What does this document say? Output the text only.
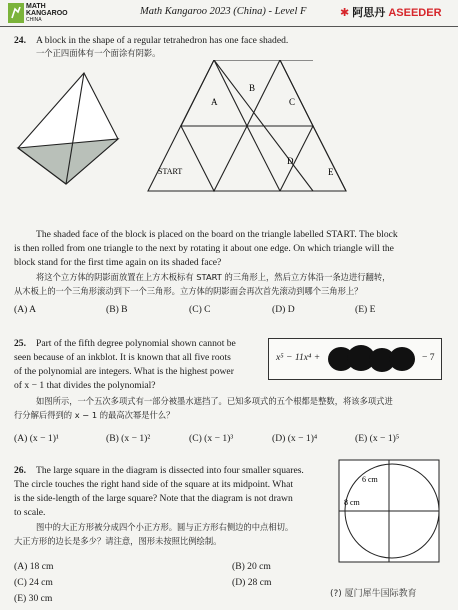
MATH
KANGAROO
CHINA
Math Kangaroo 2023 (China) - Level F	✱ 阿思丹 ASEEDER
24. A block in the shape of a regular tetrahedron has one face shaded.
一个正四面体有一个面涂有阴影。
A
B
C
START
D
E
The shaded face of the block is placed on the board on the triangle labelled START. The block
is then rolled from one triangle to the next by rotating it about one edge. On which triangle will the
block stand for the first time again on its shaded face?
将这个立方体的阴影面放置在上方木板标有 START 的三角形上，然后立方体沿一条边进行翻转，
从木板上的一个三角形滚动到下一个三角形。立方体的阴影面会再次首先滚动到哪个三角形上？
(A) A	(B) B	(C) C	(D) D	(E) E
25. Part of the fifth degree polynomial shown cannot be
seen because of an inkblot. It is known that all five roots
of the polynomial are integers. What is the highest power
of x − 1 that divides the polynomial?
x⁵ − 11x⁴ +	− 7
如图所示，一个五次多项式有一部分被墨水遮挡了。已知多项式的五个根都是整数，将该多项式进
行分解后得到的 x − 1 的最高次幂是什么？
(A) (x − 1)¹	(B) (x − 1)²	(C) (x − 1)³	(D) (x − 1)⁴	(E) (x − 1)⁵
26. The large square in the diagram is dissected into four smaller squares.
The circle touches the right hand side of the square at its midpoint. What
is the side-length of the large square? Note that the diagram is not drawn
to scale.
图中的大正方形被分成四个小正方形。圆与正方形右侧边的中点相切。
大正方形的边长是多少？请注意，图形未按照比例绘制。
6 cm
8 cm
(A) 18 cm	(B) 20 cm
(C) 24 cm	(D) 28 cm
(E) 30 cm	(?) 厦门犀牛国际教育
